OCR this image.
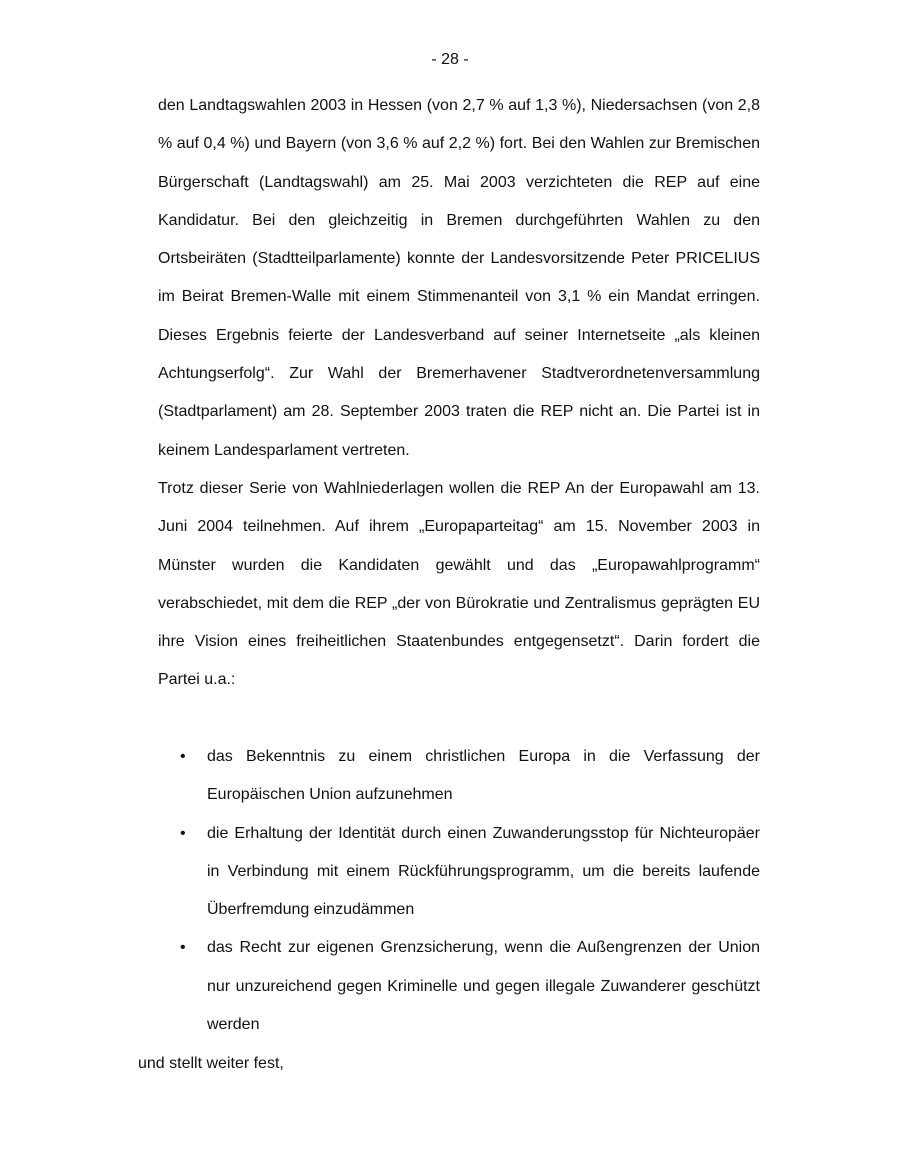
- 28 -

den Landtagswahlen 2003 in Hessen (von 2,7 % auf 1,3 %), Niedersachsen (von 2,8 % auf 0,4 %) und Bayern (von 3,6 % auf 2,2 %) fort. Bei den Wahlen zur Bremischen Bürgerschaft (Landtagswahl) am 25. Mai 2003 verzichteten die REP auf eine Kandidatur. Bei den gleichzeitig in Bremen durchgeführten Wahlen zu den Ortsbeiräten (Stadtteilparlamente) konnte der Landesvorsitzende Peter PRICELIUS im Beirat Bremen-Walle mit einem Stimmenanteil von 3,1 % ein Mandat erringen. Dieses Ergebnis feierte der Landesverband auf seiner Internetseite „als kleinen Achtungserfolg“. Zur Wahl der Bremerhavener Stadtverordnetenversammlung (Stadtparlament) am 28. September 2003 traten die REP nicht an. Die Partei ist in keinem Landesparlament vertreten.

Trotz dieser Serie von Wahlniederlagen wollen die REP An der Europawahl am 13. Juni 2004 teilnehmen. Auf ihrem „Europaparteitag“ am 15. November 2003 in Münster wurden die Kandidaten gewählt und das „Europawahlprogramm“ verabschiedet, mit dem die REP „der von Bürokratie und Zentralismus geprägten EU ihre Vision eines freiheitlichen Staatenbundes entgegensetzt“. Darin fordert die Partei u.a.:

• das Bekenntnis zu einem christlichen Europa in die Verfassung der Europäischen Union aufzunehmen
• die Erhaltung der Identität durch einen Zuwanderungsstop für Nichteuropäer in Verbindung mit einem Rückführungsprogramm, um die bereits laufende Überfremdung einzudämmen
• das Recht zur eigenen Grenzsicherung, wenn die Außengrenzen der Union nur unzureichend gegen Kriminelle und gegen illegale Zuwanderer geschützt werden

und stellt weiter fest,
